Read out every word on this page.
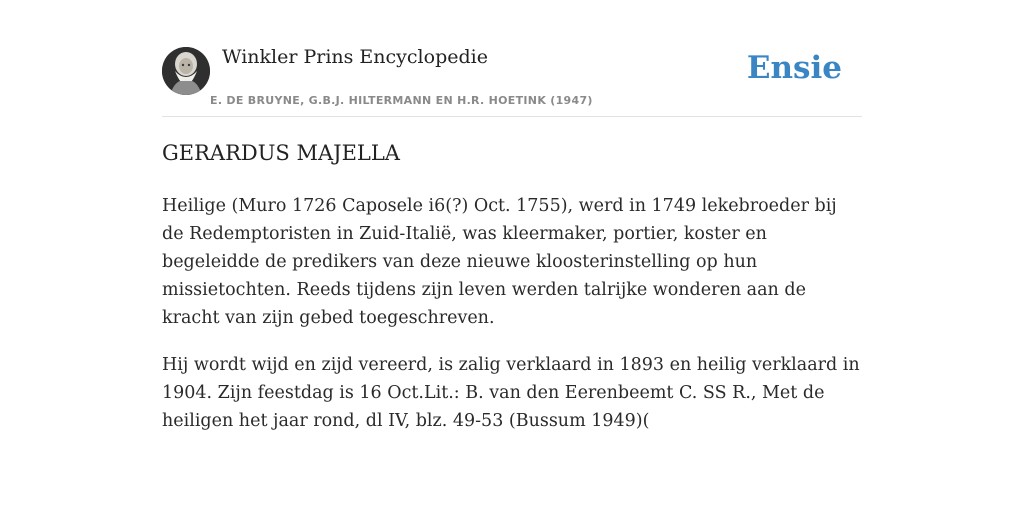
Winkler Prins Encyclopedie
E. DE BRUYNE, G.B.J. HILTERMANN EN H.R. HOETINK (1947)
Ensie
GERARDUS MAJELLA

Heilige (Muro 1726 Caposele i6(?) Oct. 1755), werd in 1749 lekebroeder bij de Redemptoristen in Zuid-Italië, was kleermaker, portier, koster en begeleidde de predikers van deze nieuwe kloosterinstelling op hun missietochten. Reeds tijdens zijn leven werden talrijke wonderen aan de kracht van zijn gebed toegeschreven.

Hij wordt wijd en zijd vereerd, is zalig verklaard in 1893 en heilig verklaard in 1904. Zijn feestdag is 16 Oct.Lit.: B. van den Eerenbeemt C. SS R., Met de heiligen het jaar rond, dl IV, blz. 49-53 (Bussum 1949)(
